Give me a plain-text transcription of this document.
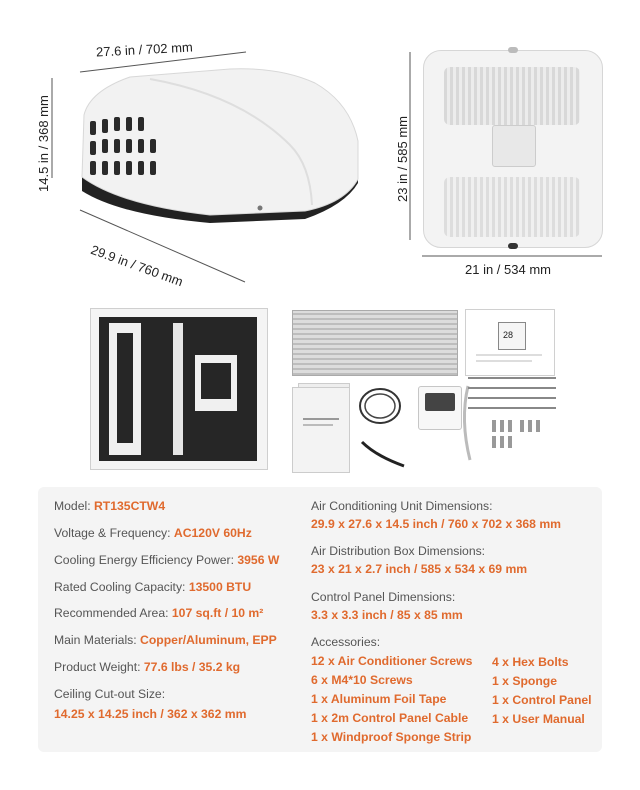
27.6 in / 702 mm
14.5 in / 368 mm
29.9 in / 760 mm
23 in / 585 mm
21 in / 534 mm
28
Model: RT135CTW4
Voltage & Frequency: AC120V 60Hz
Cooling Energy Efficiency Power: 3956 W
Rated Cooling Capacity: 13500 BTU
Recommended Area: 107 sq.ft / 10 m²
Main Materials: Copper/Aluminum, EPP
Product Weight: 77.6 lbs / 35.2 kg
Ceiling Cut-out Size:
14.25 x 14.25 inch / 362 x 362 mm
Air Conditioning Unit Dimensions:
29.9 x 27.6 x 14.5 inch / 760 x 702 x 368 mm
Air Distribution Box Dimensions:
23 x 21 x 2.7 inch / 585 x 534 x 69 mm
Control Panel Dimensions:
3.3 x 3.3 inch / 85 x 85 mm
Accessories:
12 x Air Conditioner Screws
6 x M4*10 Screws
1 x Aluminum Foil Tape
1 x 2m Control Panel Cable
1 x Windproof Sponge Strip
4 x Hex Bolts
1 x Sponge
1 x Control Panel
1 x User Manual
